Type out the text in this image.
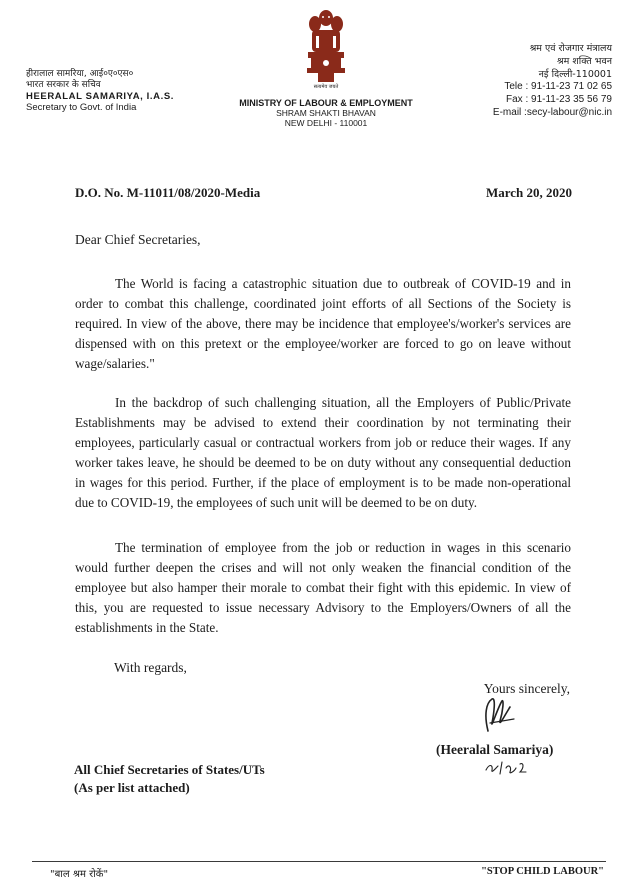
हीरालाल सामरिया, आई०ए०एस०
भारत सरकार के सचिव
HEERALAL SAMARIYA, I.A.S.
Secretary to Govt. of India
सत्यमेव जयते
MINISTRY OF LABOUR & EMPLOYMENT
SHRAM SHAKTI BHAVAN
NEW DELHI - 110001
श्रम एवं रोजगार मंत्रालय
श्रम शक्ति भवन
नई दिल्ली-110001
Tele : 91-11-23 71 02 65
Fax : 91-11-23 35 56 79
E-mail :secy-labour@nic.in
D.O. No. M-11011/08/2020-Media	March 20, 2020
Dear Chief Secretaries,

The World is facing a catastrophic situation due to outbreak of COVID-19 and in order to combat this challenge, coordinated joint efforts of all Sections of the Society is required. In view of the above, there may be incidence that employee's/worker's services are dispensed with on this pretext or the employee/worker are forced to go on leave without wage/salaries."

In the backdrop of such challenging situation, all the Employers of Public/Private Establishments may be advised to extend their coordination by not terminating their employees, particularly casual or contractual workers from job or reduce their wages. If any worker takes leave, he should be deemed to be on duty without any consequential deduction in wages for this period. Further, if the place of employment is to be made non-operational due to COVID-19, the employees of such unit will be deemed to be on duty.

The termination of employee from the job or reduction in wages in this scenario would further deepen the crises and will not only weaken the financial condition of the employee but also hamper their morale to combat their fight with this epidemic. In view of this, you are requested to issue necessary Advisory to the Employers/Owners of all the establishments in the State.

With regards,
Yours sincerely,
(Heeralal Samariya)
All Chief Secretaries of States/UTs
(As per list attached)
"बाल श्रम रोकें"	"STOP CHILD LABOUR"
